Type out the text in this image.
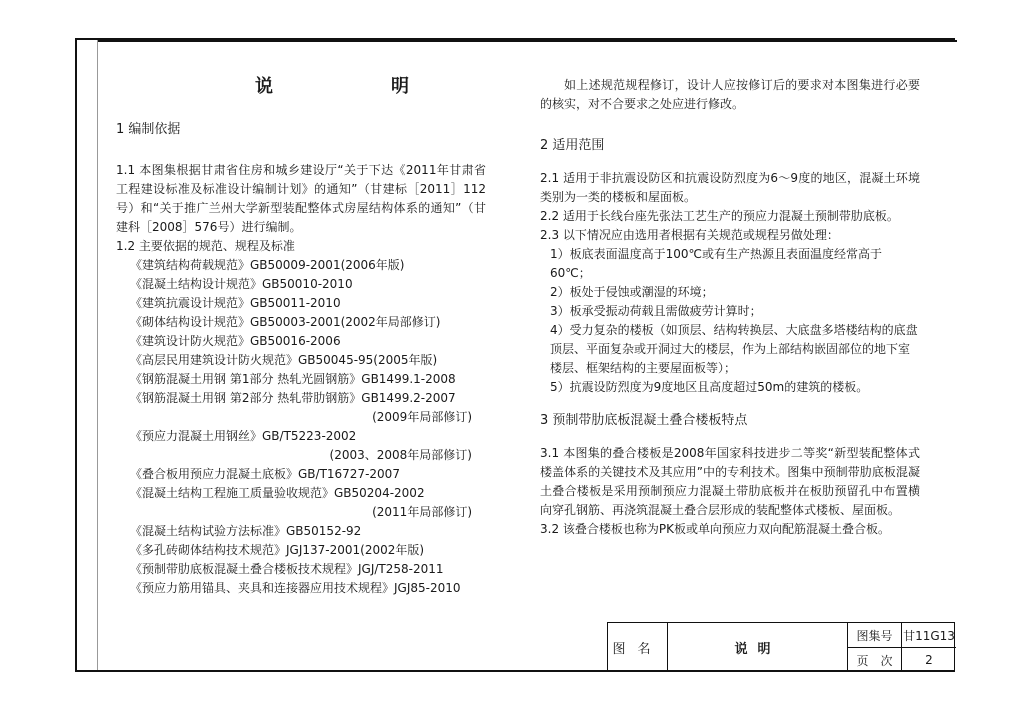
说　明

1 编制依据

1.1 本图集根据甘肃省住房和城乡建设厅“关于下达《2011年甘肃省工程建设标准及标准设计编制计划》的通知”（甘建标［2011］112号）和“关于推广兰州大学新型装配整体式房屋结构体系的通知”（甘建科［2008］576号）进行编制。

1.2 主要依据的规范、规程及标准

《建筑结构荷载规范》GB50009-2001(2006年版)

《混凝土结构设计规范》GB50010-2010

《建筑抗震设计规范》GB50011-2010

《砌体结构设计规范》GB50003-2001(2002年局部修订)

《建筑设计防火规范》GB50016-2006

《高层民用建筑设计防火规范》GB50045-95(2005年版)

《钢筋混凝土用钢 第1部分 热轧光圆钢筋》GB1499.1-2008

《钢筋混凝土用钢 第2部分 热轧带肋钢筋》GB1499.2-2007

(2009年局部修订)

《预应力混凝土用钢丝》GB/T5223-2002

(2003、2008年局部修订)

《叠合板用预应力混凝土底板》GB/T16727-2007

《混凝土结构工程施工质量验收规范》GB50204-2002

(2011年局部修订)

《混凝土结构试验方法标准》GB50152-92

《多孔砖砌体结构技术规范》JGJ137-2001(2002年版)

《预制带肋底板混凝土叠合楼板技术规程》JGJ/T258-2011

《预应力筋用锚具、夹具和连接器应用技术规程》JGJ85-2010

如上述规范规程修订，设计人应按修订后的要求对本图集进行必要的核实，对不合要求之处应进行修改。

2 适用范围

2.1 适用于非抗震设防区和抗震设防烈度为6～9度的地区，混凝土环境类别为一类的楼板和屋面板。

2.2 适用于长线台座先张法工艺生产的预应力混凝土预制带肋底板。

2.3 以下情况应由选用者根据有关规范或规程另做处理：

1）板底表面温度高于100℃或有生产热源且表面温度经常高于60℃；

2）板处于侵蚀或潮湿的环境；

3）板承受振动荷载且需做疲劳计算时；

4）受力复杂的楼板（如顶层、结构转换层、大底盘多塔楼结构的底盘顶层、平面复杂或开洞过大的楼层，作为上部结构嵌固部位的地下室楼层、框架结构的主要屋面板等）；

5）抗震设防烈度为9度地区且高度超过50m的建筑的楼板。

3 预制带肋底板混凝土叠合楼板特点

3.1 本图集的叠合楼板是2008年国家科技进步二等奖“新型装配整体式楼盖体系的关键技术及其应用”中的专利技术。图集中预制带肋底板混凝土叠合楼板是采用预制预应力混凝土带肋底板并在板肋预留孔中布置横向穿孔钢筋、再浇筑混凝土叠合层形成的装配整体式楼板、屋面板。

3.2 该叠合楼板也称为PK板或单向预应力双向配筋混凝土叠合板。

图名	说明
图集号 甘11G13
页　次	2
